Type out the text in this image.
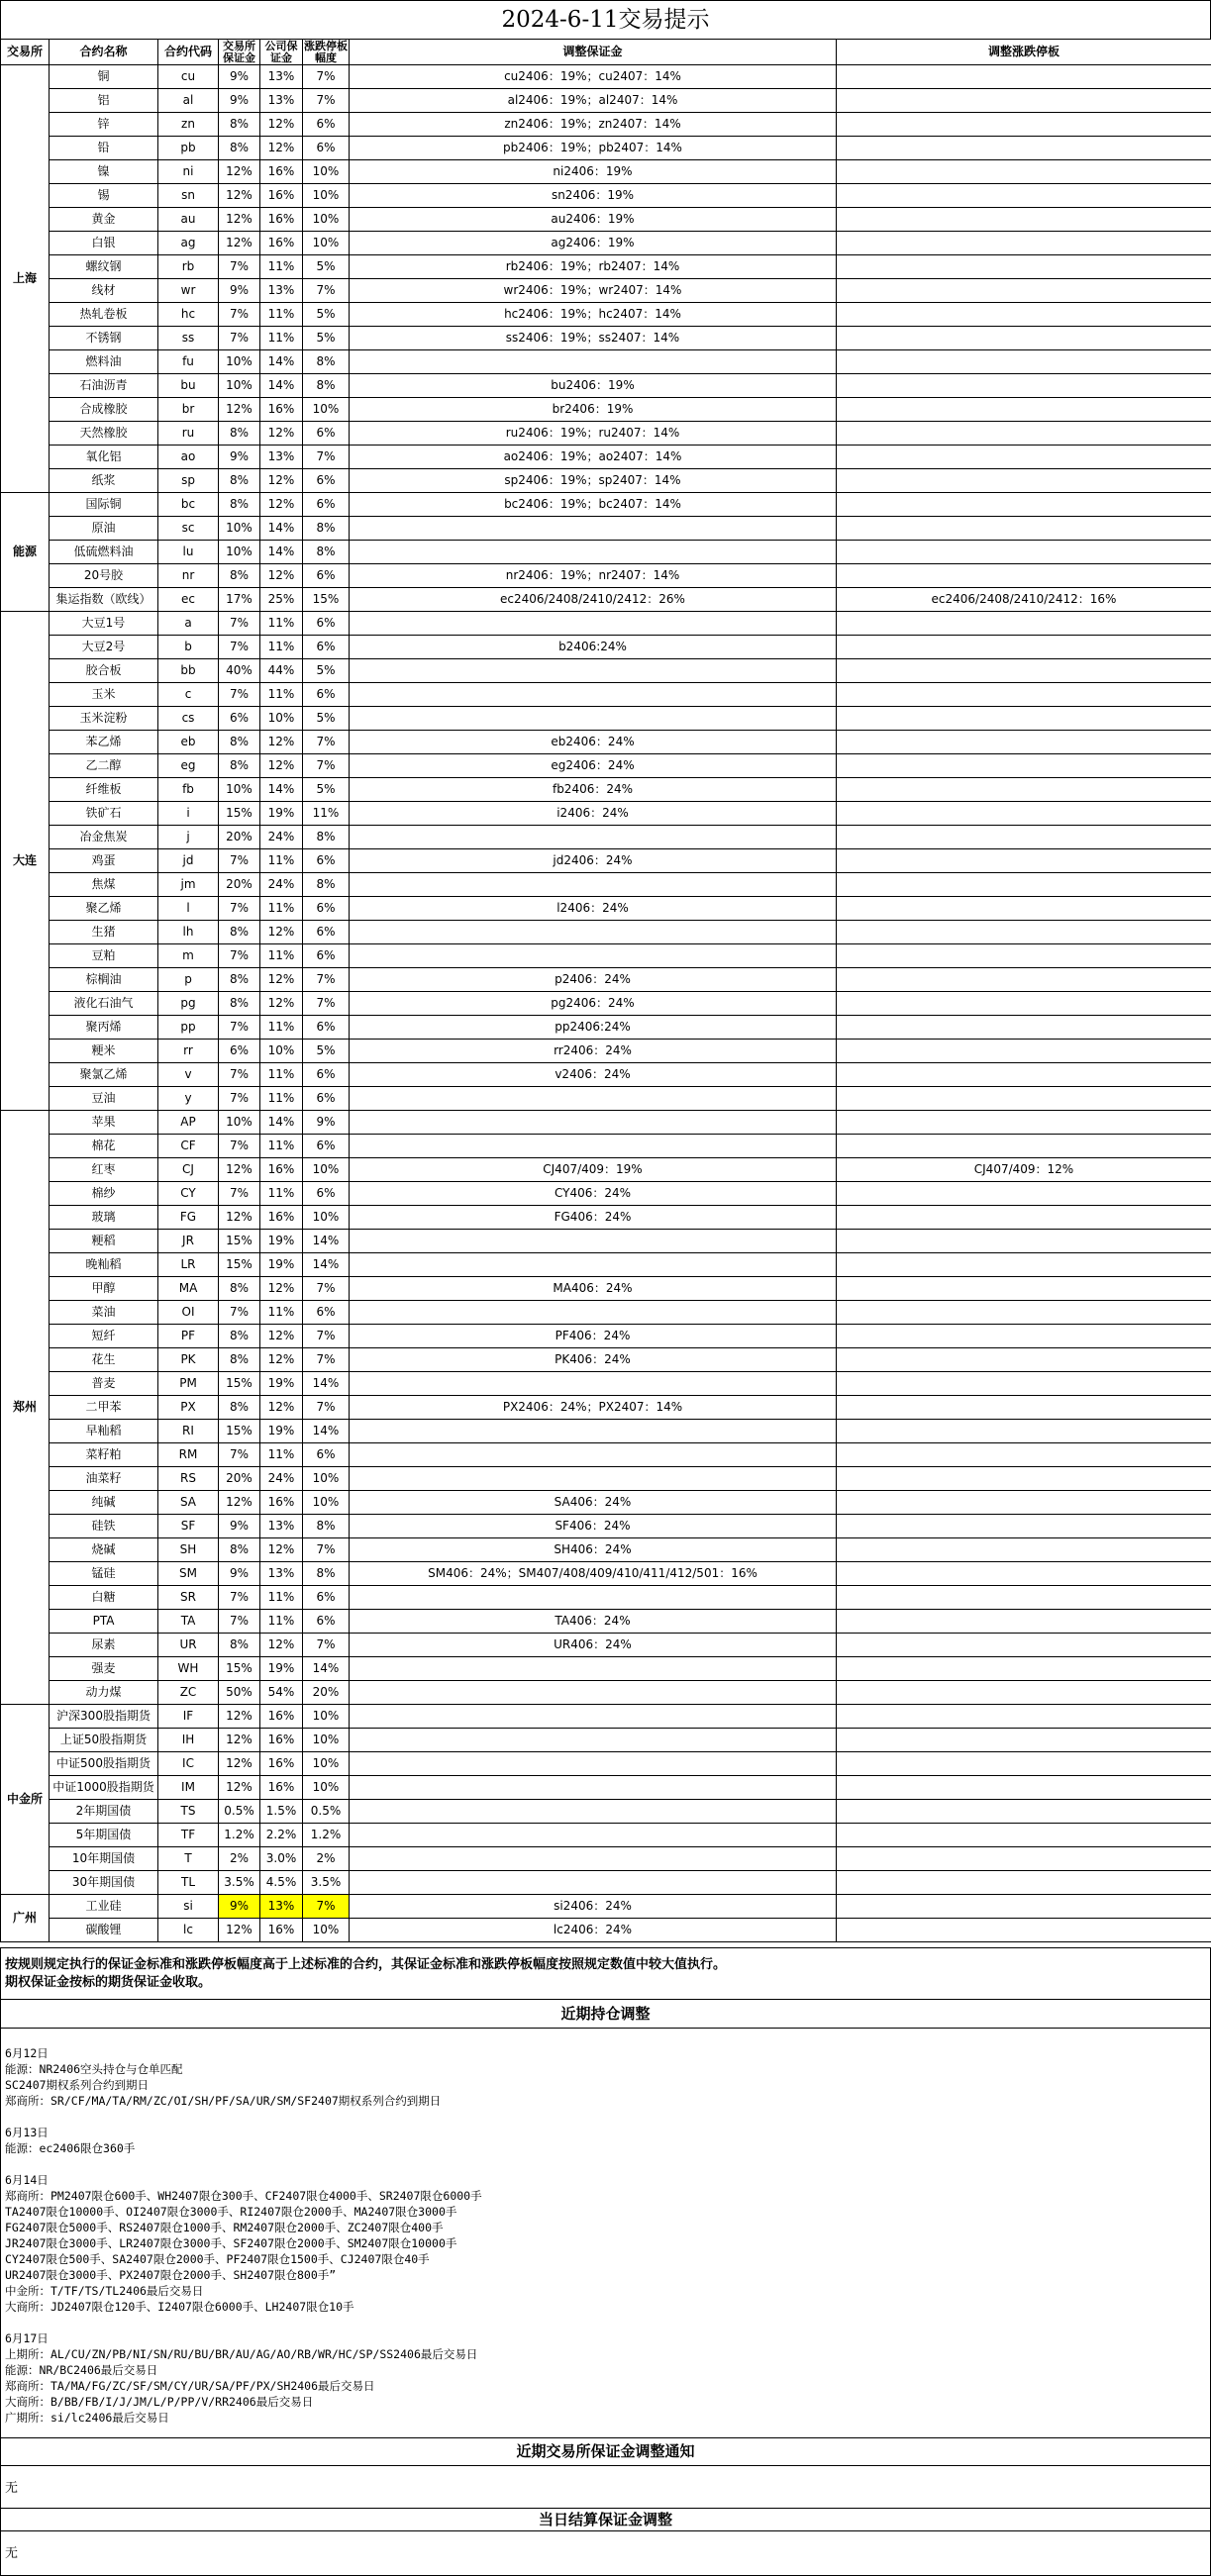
2024-6-11交易提示
交易所	合约名称	合约代码	交易所保证金	公司保证金	涨跌停板幅度	调整保证金	调整涨跌停板
上海	铜	cu	9%	13%	7%	cu2406：19%；cu2407：14%	
	铝	al	9%	13%	7%	al2406：19%；al2407：14%	
	锌	zn	8%	12%	6%	zn2406：19%；zn2407：14%	
	铅	pb	8%	12%	6%	pb2406：19%；pb2407：14%	
	镍	ni	12%	16%	10%	ni2406：19%	
	锡	sn	12%	16%	10%	sn2406：19%	
	黄金	au	12%	16%	10%	au2406：19%	
	白银	ag	12%	16%	10%	ag2406：19%	
	螺纹钢	rb	7%	11%	5%	rb2406：19%；rb2407：14%	
	线材	wr	9%	13%	7%	wr2406：19%；wr2407：14%	
	热轧卷板	hc	7%	11%	5%	hc2406：19%；hc2407：14%	
	不锈钢	ss	7%	11%	5%	ss2406：19%；ss2407：14%	
	燃料油	fu	10%	14%	8%		
	石油沥青	bu	10%	14%	8%	bu2406：19%	
	合成橡胶	br	12%	16%	10%	br2406：19%	
	天然橡胶	ru	8%	12%	6%	ru2406：19%；ru2407：14%	
	氧化铝	ao	9%	13%	7%	ao2406：19%；ao2407：14%	
	纸浆	sp	8%	12%	6%	sp2406：19%；sp2407：14%	
能源	国际铜	bc	8%	12%	6%	bc2406：19%；bc2407：14%	
	原油	sc	10%	14%	8%		
	低硫燃料油	lu	10%	14%	8%		
	20号胶	nr	8%	12%	6%	nr2406：19%；nr2407：14%	
	集运指数（欧线）	ec	17%	25%	15%	ec2406/2408/2410/2412：26%	ec2406/2408/2410/2412：16%
大连	大豆1号	a	7%	11%	6%		
	大豆2号	b	7%	11%	6%	b2406:24%	
	胶合板	bb	40%	44%	5%		
	玉米	c	7%	11%	6%		
	玉米淀粉	cs	6%	10%	5%		
	苯乙烯	eb	8%	12%	7%	eb2406：24%	
	乙二醇	eg	8%	12%	7%	eg2406：24%	
	纤维板	fb	10%	14%	5%	fb2406：24%	
	铁矿石	i	15%	19%	11%	i2406：24%	
	冶金焦炭	j	20%	24%	8%		
	鸡蛋	jd	7%	11%	6%	jd2406：24%	
	焦煤	jm	20%	24%	8%		
	聚乙烯	l	7%	11%	6%	l2406：24%	
	生猪	lh	8%	12%	6%		
	豆粕	m	7%	11%	6%		
	棕榈油	p	8%	12%	7%	p2406：24%	
	液化石油气	pg	8%	12%	7%	pg2406：24%	
	聚丙烯	pp	7%	11%	6%	pp2406:24%	
	粳米	rr	6%	10%	5%	rr2406：24%	
	聚氯乙烯	v	7%	11%	6%	v2406：24%	
	豆油	y	7%	11%	6%		
郑州	苹果	AP	10%	14%	9%		
	棉花	CF	7%	11%	6%		
	红枣	CJ	12%	16%	10%	CJ407/409：19%	CJ407/409：12%
	棉纱	CY	7%	11%	6%	CY406：24%	
	玻璃	FG	12%	16%	10%	FG406：24%	
	粳稻	JR	15%	19%	14%		
	晚籼稻	LR	15%	19%	14%		
	甲醇	MA	8%	12%	7%	MA406：24%	
	菜油	OI	7%	11%	6%		
	短纤	PF	8%	12%	7%	PF406：24%	
	花生	PK	8%	12%	7%	PK406：24%	
	普麦	PM	15%	19%	14%		
	二甲苯	PX	8%	12%	7%	PX2406：24%；PX2407：14%	
	早籼稻	RI	15%	19%	14%		
	菜籽粕	RM	7%	11%	6%		
	油菜籽	RS	20%	24%	10%		
	纯碱	SA	12%	16%	10%	SA406：24%	
	硅铁	SF	9%	13%	8%	SF406：24%	
	烧碱	SH	8%	12%	7%	SH406：24%	
	锰硅	SM	9%	13%	8%	SM406：24%；SM407/408/409/410/411/412/501：16%	
	白糖	SR	7%	11%	6%		
	PTA	TA	7%	11%	6%	TA406：24%	
	尿素	UR	8%	12%	7%	UR406：24%	
	强麦	WH	15%	19%	14%		
	动力煤	ZC	50%	54%	20%		
中金所	沪深300股指期货	IF	12%	16%	10%		
	上证50股指期货	IH	12%	16%	10%		
	中证500股指期货	IC	12%	16%	10%		
	中证1000股指期货	IM	12%	16%	10%		
	2年期国债	TS	0.5%	1.5%	0.5%		
	5年期国债	TF	1.2%	2.2%	1.2%		
	10年期国债	T	2%	3.0%	2%		
	30年期国债	TL	3.5%	4.5%	3.5%		
广州	工业硅	si	9%	13%	7%	si2406：24%	
	碳酸锂	lc	12%	16%	10%	lc2406：24%	
按规则规定执行的保证金标准和涨跌停板幅度高于上述标准的合约，其保证金标准和涨跌停板幅度按照规定数值中较大值执行。
期权保证金按标的期货保证金收取。
近期持仓调整
6月12日
能源：NR2406空头持仓与仓单匹配
SC2407期权系列合约到期日
郑商所：SR/CF/MA/TA/RM/ZC/OI/SH/PF/SA/UR/SM/SF2407期权系列合约到期日
6月13日
能源：ec2406限仓360手
6月14日
郑商所：PM2407限仓600手、WH2407限仓300手、CF2407限仓4000手、SR2407限仓6000手
TA2407限仓10000手、OI2407限仓3000手、RI2407限仓2000手、MA2407限仓3000手
FG2407限仓5000手、RS2407限仓1000手、RM2407限仓2000手、ZC2407限仓400手
JR2407限仓3000手、LR2407限仓3000手、SF2407限仓2000手、SM2407限仓10000手
CY2407限仓500手、SA2407限仓2000手、PF2407限仓1500手、CJ2407限仓40手
UR2407限仓3000手、PX2407限仓2000手、SH2407限仓800手”
中金所：T/TF/TS/TL2406最后交易日
大商所：JD2407限仓120手、I2407限仓6000手、LH2407限仓10手
6月17日
上期所：AL/CU/ZN/PB/NI/SN/RU/BU/BR/AU/AG/AO/RB/WR/HC/SP/SS2406最后交易日
能源：NR/BC2406最后交易日
郑商所：TA/MA/FG/ZC/SF/SM/CY/UR/SA/PF/PX/SH2406最后交易日
大商所：B/BB/FB/I/J/JM/L/P/PP/V/RR2406最后交易日
广期所：si/lc2406最后交易日
近期交易所保证金调整通知
无
当日结算保证金调整
无
